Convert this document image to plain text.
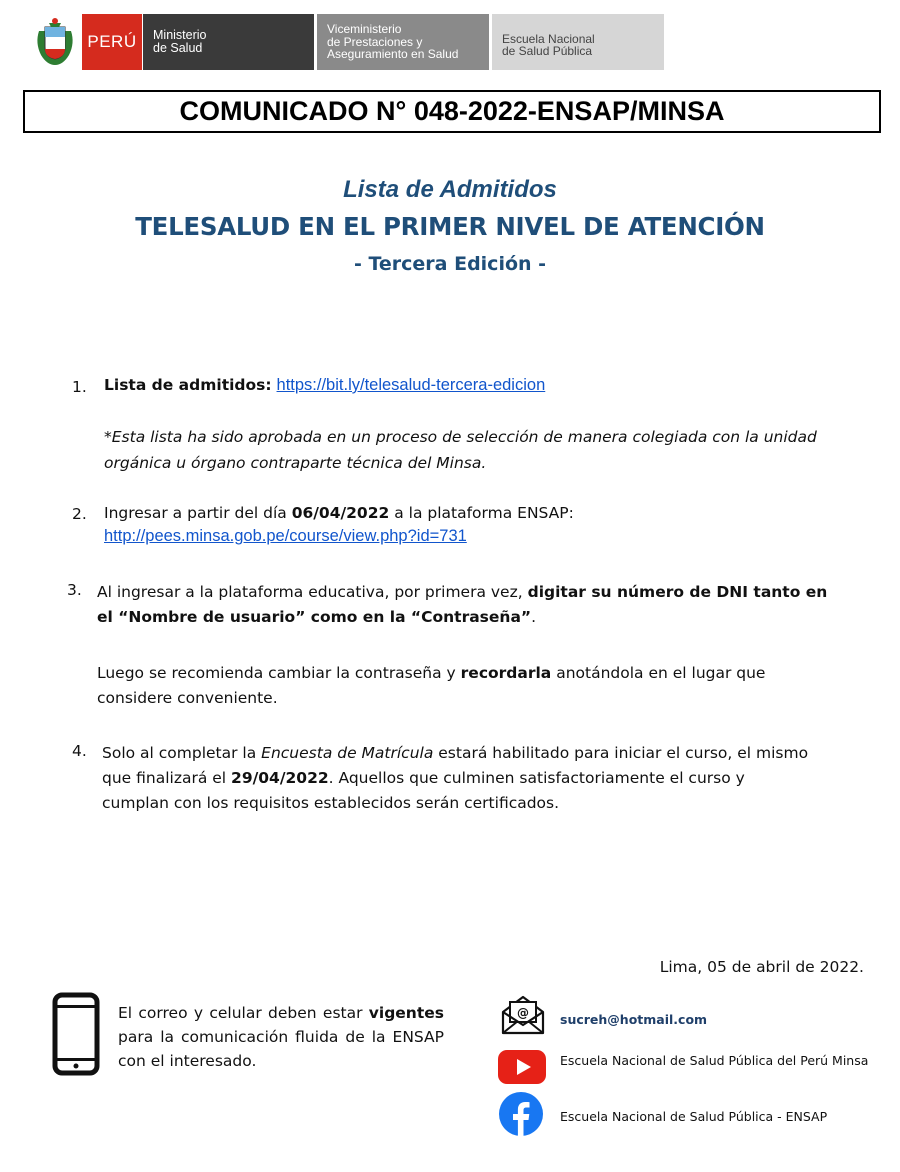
PERÚ	Ministerio
de Salud
Viceministerio
de Prestaciones y
Aseguramiento en Salud
Escuela Nacional
de Salud Pública
COMUNICADO N° 048-2022-ENSAP/MINSA
Lista de Admitidos
TELESALUD EN EL PRIMER NIVEL DE ATENCIÓN
- Tercera Edición -
1. Lista de admitidos: https://bit.ly/telesalud-tercera-edicion
*Esta lista ha sido aprobada en un proceso de selección de manera colegiada con la unidad
orgánica u órgano contraparte técnica del Minsa.
2. Ingresar a partir del día 06/04/2022 a la plataforma ENSAP:
http://pees.minsa.gob.pe/course/view.php?id=731
3. Al ingresar a la plataforma educativa, por primera vez, digitar su número de DNI tanto en
el “Nombre de usuario” como en la “Contraseña”.
Luego se recomienda cambiar la contraseña y recordarla anotándola en el lugar que
considere conveniente.
4. Solo al completar la Encuesta de Matrícula estará habilitado para iniciar el curso, el mismo
que finalizará el 29/04/2022. Aquellos que culminen satisfactoriamente el curso y
cumplan con los requisitos establecidos serán certificados.
Lima, 05 de abril de 2022.
El correo y celular deben estar vigentes para la comunicación fluida de la ENSAP con el interesado.
@ sucreh@hotmail.com
Escuela Nacional de Salud Pública del Perú Minsa
Escuela Nacional de Salud Pública - ENSAP
